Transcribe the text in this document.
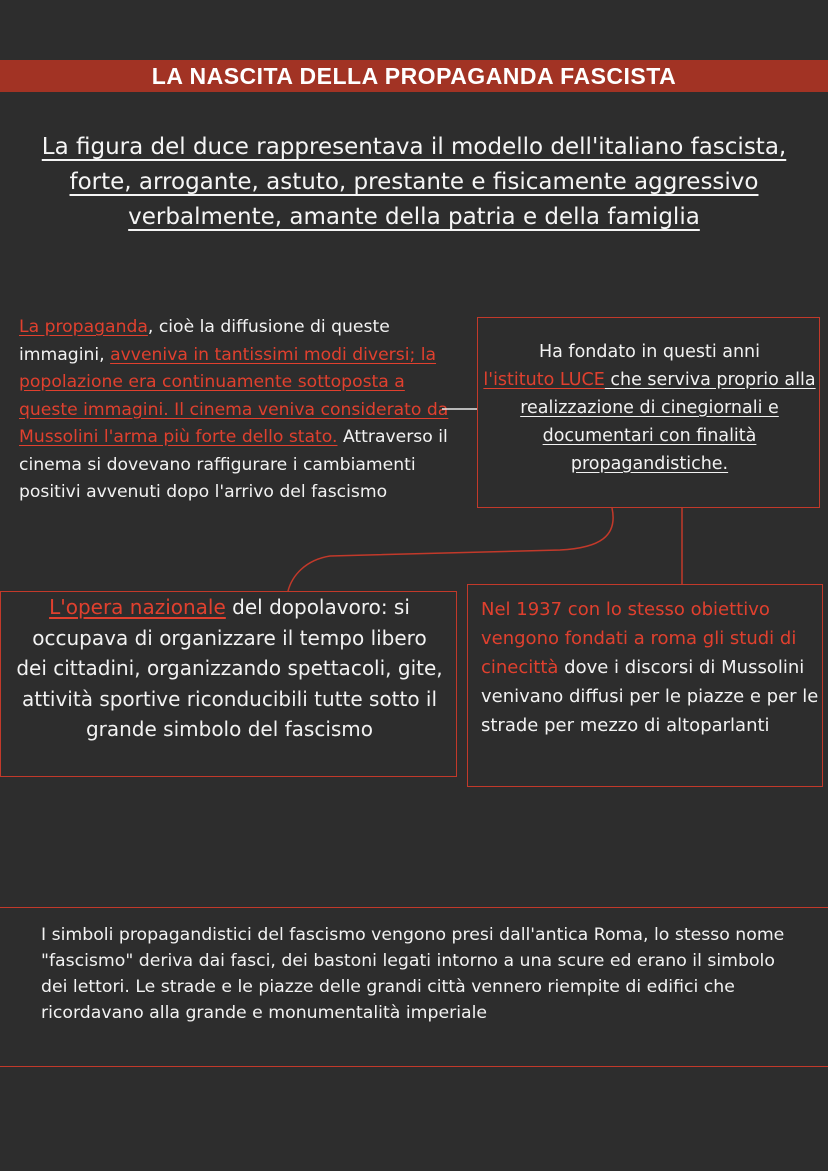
LA NASCITA DELLA PROPAGANDA FASCISTA
La figura del duce rappresentava il modello dell'italiano fascista, forte, arrogante, astuto, prestante e fisicamente aggressivo verbalmente, amante della patria e della famiglia
La propaganda, cioè la diffusione di queste immagini, avveniva in tantissimi modi diversi; la popolazione era continuamente sottoposta a queste immagini. Il cinema veniva considerato da Mussolini l'arma più forte dello stato. Attraverso il cinema si dovevano raffigurare i cambiamenti positivi avvenuti dopo l'arrivo del fascismo
Ha fondato in questi anni
l'istituto LUCE che serviva proprio alla realizzazione di cinegiornali e documentari con finalità propagandistiche.
L'opera nazionale del dopolavoro: si occupava di organizzare il tempo libero dei cittadini, organizzando spettacoli, gite, attività sportive riconducibili tutte sotto il grande simbolo del fascismo
Nel 1937 con lo stesso obiettivo vengono fondati a roma gli studi di cinecittà dove i discorsi di Mussolini venivano diffusi per le piazze e per le strade per mezzo di altoparlanti
I simboli propagandistici del fascismo vengono presi dall'antica Roma, lo stesso nome "fascismo" deriva dai fasci, dei bastoni legati intorno a una scure ed erano il simbolo dei lettori. Le strade e le piazze delle grandi città vennero riempite di edifici che ricordavano alla grande e monumentalità imperiale
